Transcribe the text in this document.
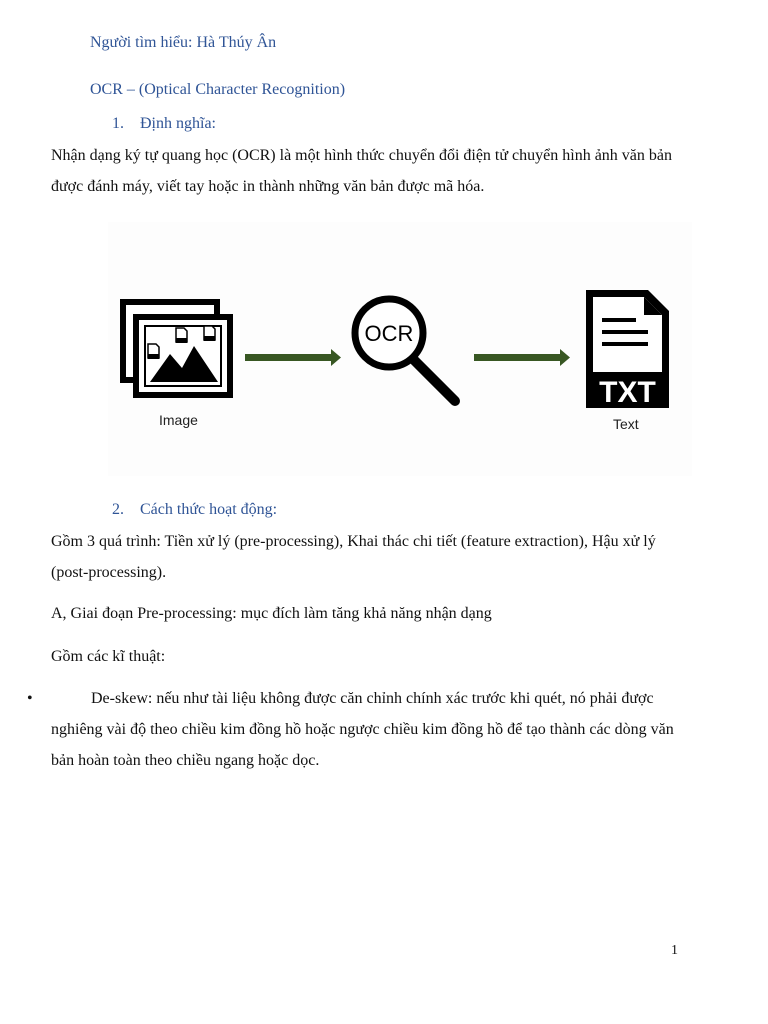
Người tìm hiểu: Hà Thúy Ân
OCR – (Optical Character Recognition)
1. Định nghĩa:
Nhận dạng ký tự quang học (OCR) là một hình thức chuyển đổi điện tử chuyển hình ảnh văn bản
được đánh máy, viết tay hoặc in thành những văn bản được mã hóa.
OCR
TXT
Image	Text
2. Cách thức hoạt động:
Gồm 3 quá trình: Tiền xử lý (pre-processing), Khai thác chi tiết (feature extraction), Hậu xử lý
(post-processing).
A, Giai đoạn Pre-processing: mục đích làm tăng khả năng nhận dạng
Gồm các kĩ thuật:
•	De-skew: nếu như tài liệu không được căn chỉnh chính xác trước khi quét, nó phải được
nghiêng vài độ theo chiều kim đồng hồ hoặc ngược chiều kim đồng hồ để tạo thành các dòng văn
bản hoàn toàn theo chiều ngang hoặc dọc.
1
